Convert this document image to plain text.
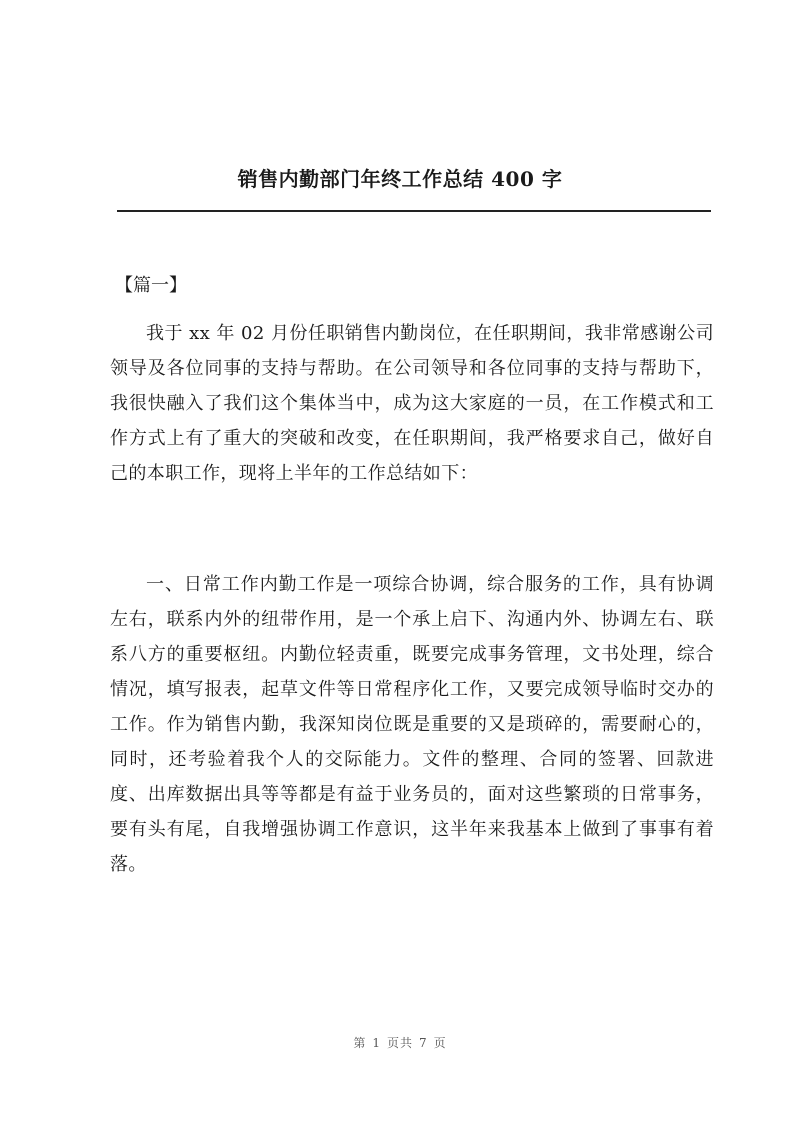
销售内勤部门年终工作总结 400 字
【篇一】

我于 xx 年 02 月份任职销售内勤岗位，在任职期间，我非常感谢公司领导及各位同事的支持与帮助。在公司领导和各位同事的支持与帮助下，我很快融入了我们这个集体当中，成为这大家庭的一员，在工作模式和工作方式上有了重大的突破和改变，在任职期间，我严格要求自己，做好自己的本职工作，现将上半年的工作总结如下：

一、日常工作内勤工作是一项综合协调，综合服务的工作，具有协调左右，联系内外的纽带作用，是一个承上启下、沟通内外、协调左右、联系八方的重要枢纽。内勤位轻责重，既要完成事务管理，文书处理，综合情况，填写报表，起草文件等日常程序化工作，又要完成领导临时交办的工作。作为销售内勤，我深知岗位既是重要的又是琐碎的，需要耐心的，同时，还考验着我个人的交际能力。文件的整理、合同的签署、回款进度、出库数据出具等等都是有益于业务员的，面对这些繁琐的日常事务，要有头有尾，自我增强协调工作意识，这半年来我基本上做到了事事有着落。

第 1 页共 7 页
